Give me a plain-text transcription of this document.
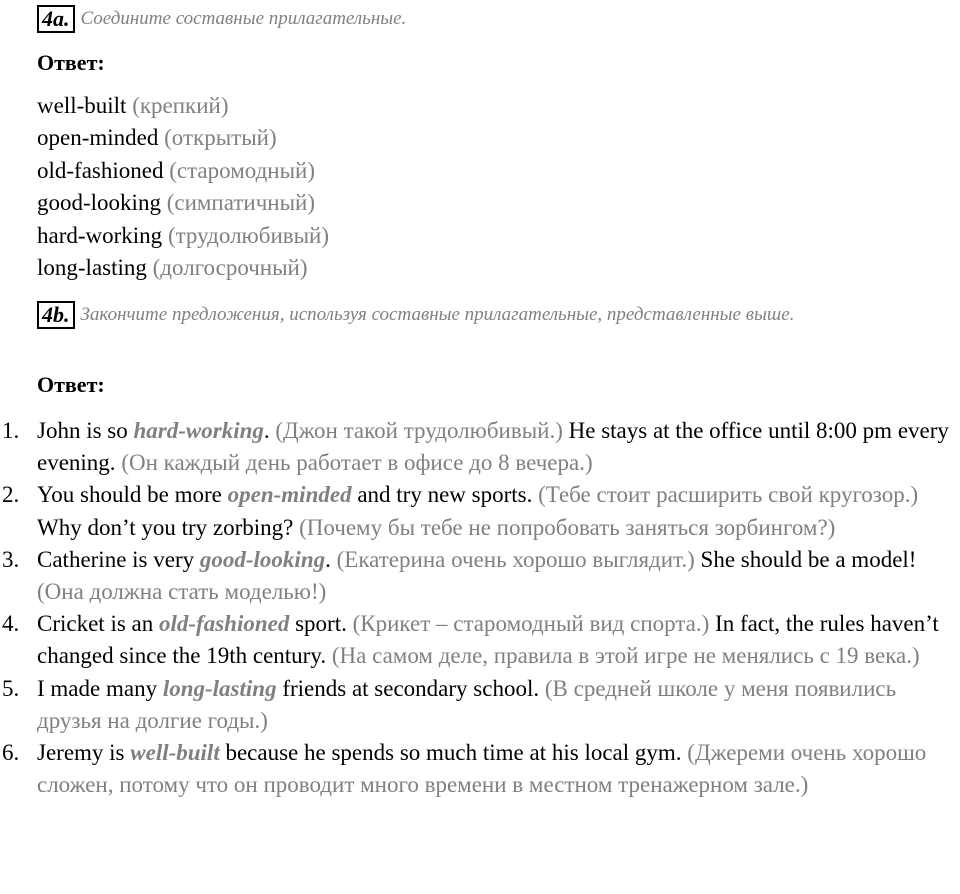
4a. Соедините составные прилагательные.
Ответ:
well-built (крепкий)
open-minded (открытый)
old-fashioned (старомодный)
good-looking (симпатичный)
hard-working (трудолюбивый)
long-lasting (долгосрочный)
4b. Закончите предложения, используя составные прилагательные, представленные выше.
Ответ:
1. John is so hard-working. (Джон такой трудолюбивый.) He stays at the office until 8:00 pm every evening. (Он каждый день работает в офисе до 8 вечера.)
2. You should be more open-minded and try new sports. (Тебе стоит расширить свой кругозор.) Why don’t you try zorbing? (Почему бы тебе не попробовать заняться зорбингом?)
3. Catherine is very good-looking. (Екатерина очень хорошо выглядит.) She should be a model! (Она должна стать моделью!)
4. Cricket is an old-fashioned sport. (Крикет – старомодный вид спорта.) In fact, the rules haven’t changed since the 19th century. (На самом деле, правила в этой игре не менялись с 19 века.)
5. I made many long-lasting friends at secondary school. (В средней школе у меня появились друзья на долгие годы.)
6. Jeremy is well-built because he spends so much time at his local gym. (Джереми очень хорошо сложен, потому что он проводит много времени в местном тренажерном зале.)
